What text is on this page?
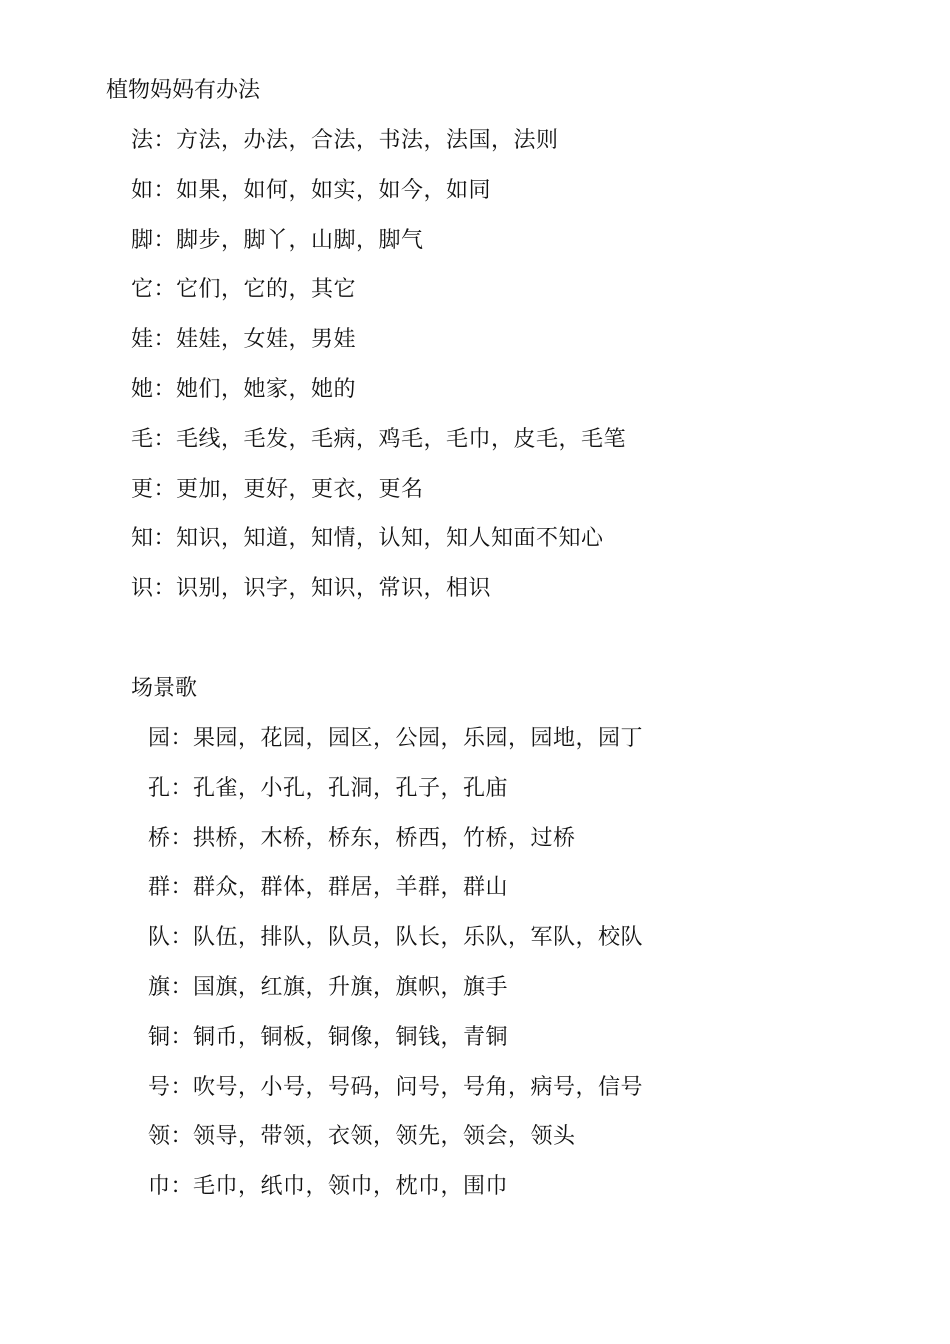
植物妈妈有办法
法：方法，办法，合法，书法，法国，法则
如：如果，如何，如实，如今，如同
脚：脚步，脚丫，山脚，脚气
它：它们，它的，其它
娃：娃娃，女娃，男娃
她：她们，她家，她的
毛：毛线，毛发，毛病，鸡毛，毛巾，皮毛，毛笔
更：更加，更好，更衣，更名
知：知识，知道，知情，认知，知人知面不知心
识：识别，识字，知识，常识，相识
场景歌
园：果园，花园，园区，公园，乐园，园地，园丁
孔：孔雀，小孔，孔洞，孔子，孔庙
桥：拱桥，木桥，桥东，桥西，竹桥，过桥
群：群众，群体，群居，羊群，群山
队：队伍，排队，队员，队长，乐队，军队，校队
旗：国旗，红旗，升旗，旗帜，旗手
铜：铜币，铜板，铜像，铜钱，青铜
号：吹号，小号，号码，问号，号角，病号，信号
领：领导，带领，衣领，领先，领会，领头
巾：毛巾，纸巾，领巾，枕巾，围巾
